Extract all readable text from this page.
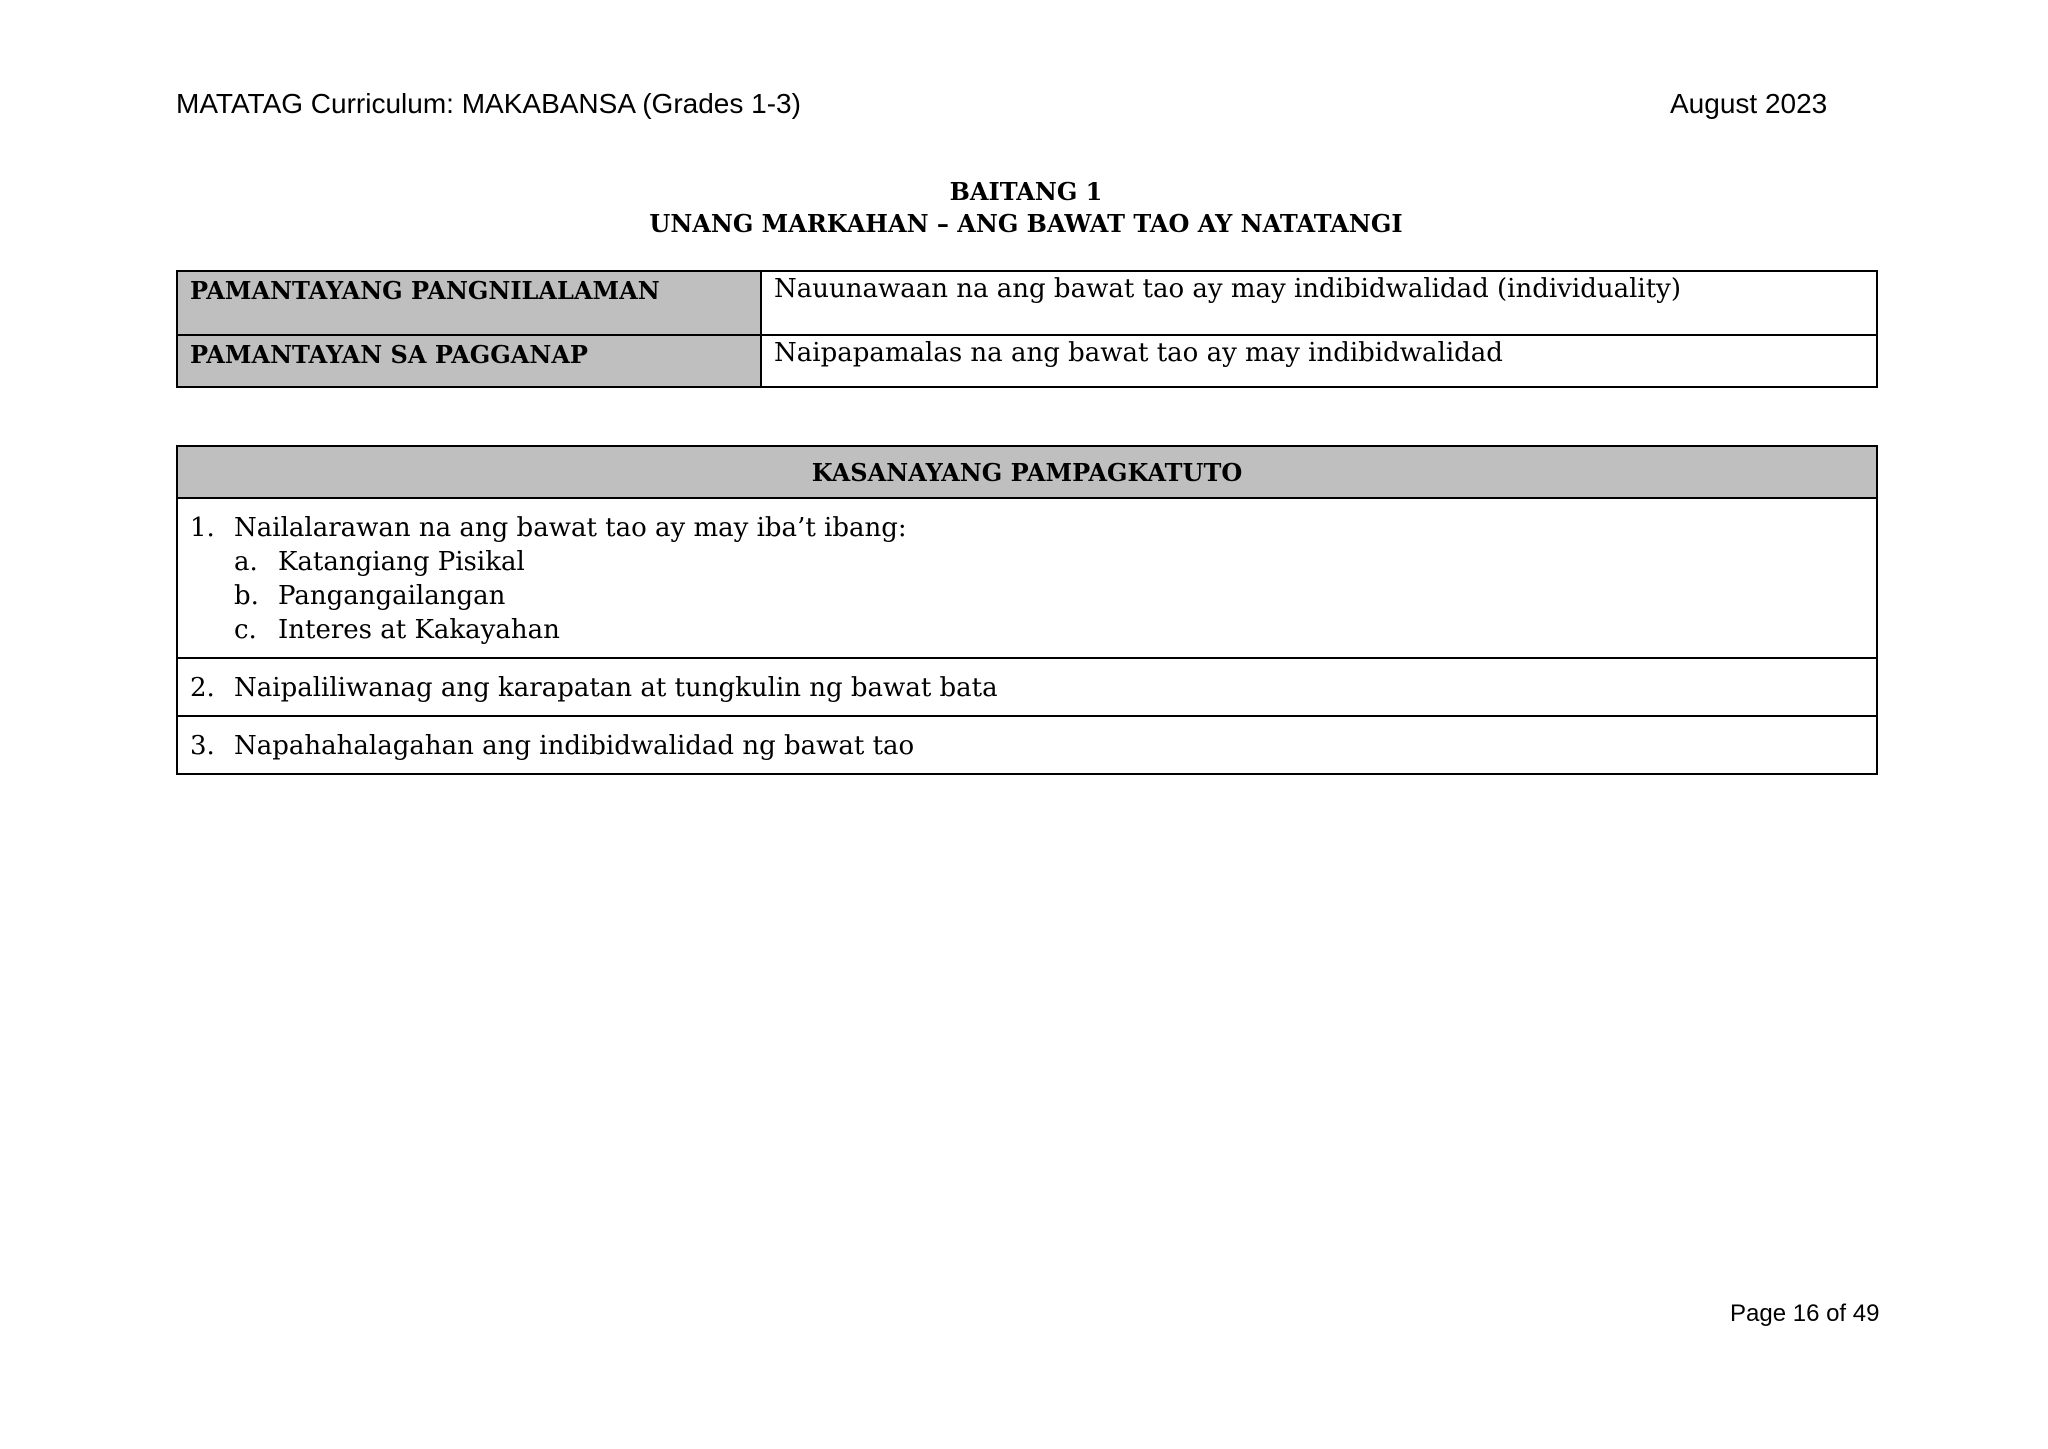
MATATAG Curriculum: MAKABANSA (Grades 1-3)	August 2023
BAITANG 1
UNANG MARKAHAN – ANG BAWAT TAO AY NATATANGI
PAMANTAYANG PANGNILALAMAN	Nauunawaan na ang bawat tao ay may indibidwalidad (individuality)
PAMANTAYAN SA PAGGANAP	Naipapamalas na ang bawat tao ay may indibidwalidad
KASANAYANG PAMPAGKATUTO

1. Nailalarawan na ang bawat tao ay may iba’t ibang:
a. Katangiang Pisikal
b. Pangangailangan
c. Interes at Kakayahan

2. Naipaliliwanag ang karapatan at tungkulin ng bawat bata

3. Napahahalagahan ang indibidwalidad ng bawat tao
Page 16 of 49
